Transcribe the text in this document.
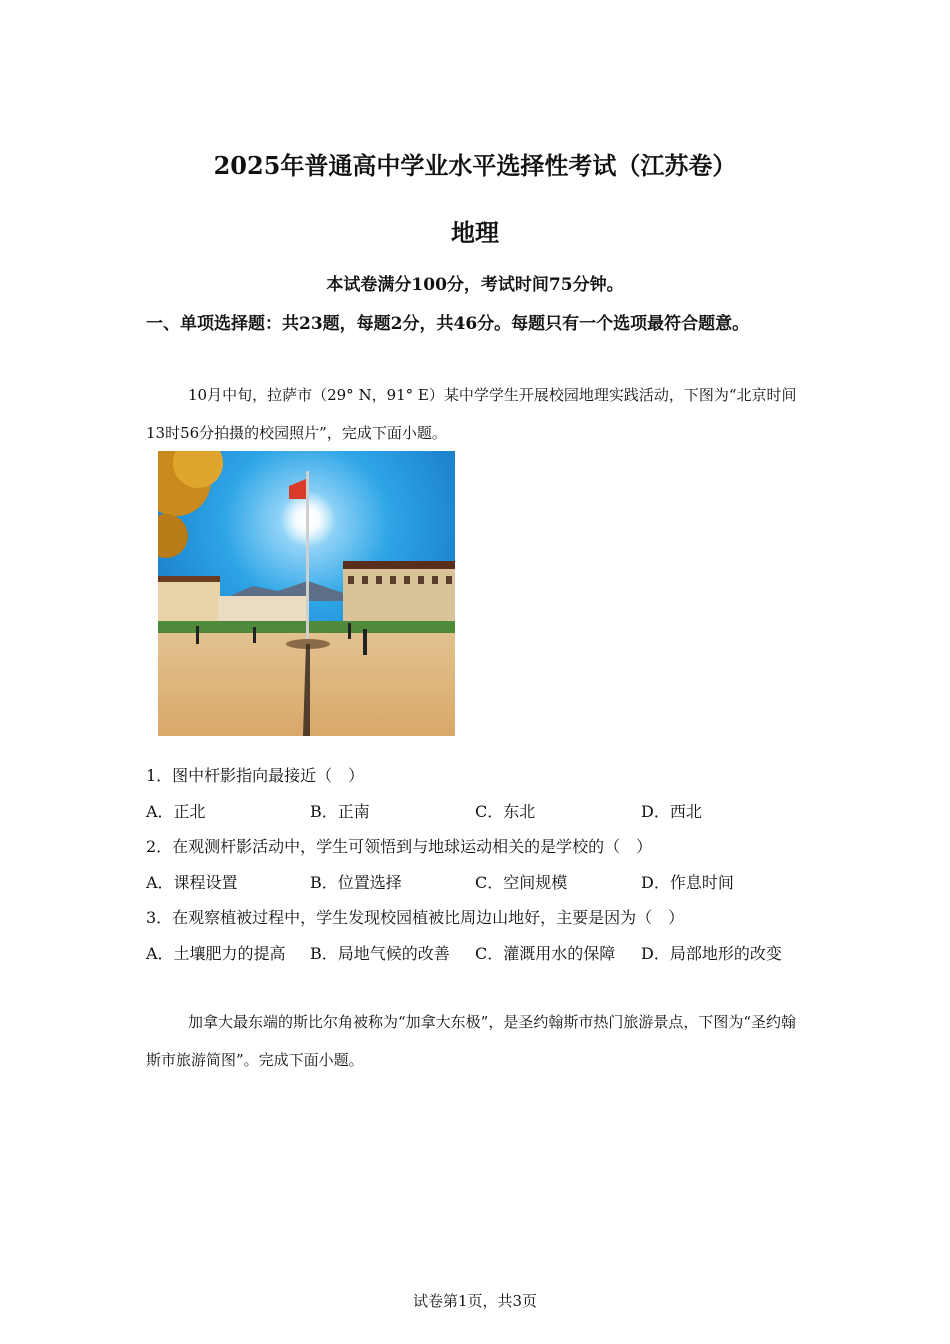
2025年普通高中学业水平选择性考试（江苏卷）
地理
本试卷满分100分，考试时间75分钟。
一、单项选择题：共23题，每题2分，共46分。每题只有一个选项最符合题意。
10月中旬，拉萨市（29° N，91° E）某中学学生开展校园地理实践活动，下图为“北京时间13时56分拍摄的校园照片”，完成下面小题。
1．图中杆影指向最接近（　）
A．正北	B．正南	C．东北	D．西北
2．在观测杆影活动中，学生可领悟到与地球运动相关的是学校的（　）
A．课程设置	B．位置选择	C．空间规模	D．作息时间
3．在观察植被过程中，学生发现校园植被比周边山地好，主要是因为（　）
A．土壤肥力的提高 B．局地气候的改善 C．灌溉用水的保障 D．局部地形的改变
加拿大最东端的斯比尔角被称为“加拿大东极”，是圣约翰斯市热门旅游景点，下图为“圣约翰斯市旅游简图”。完成下面小题。
试卷第1页，共3页
